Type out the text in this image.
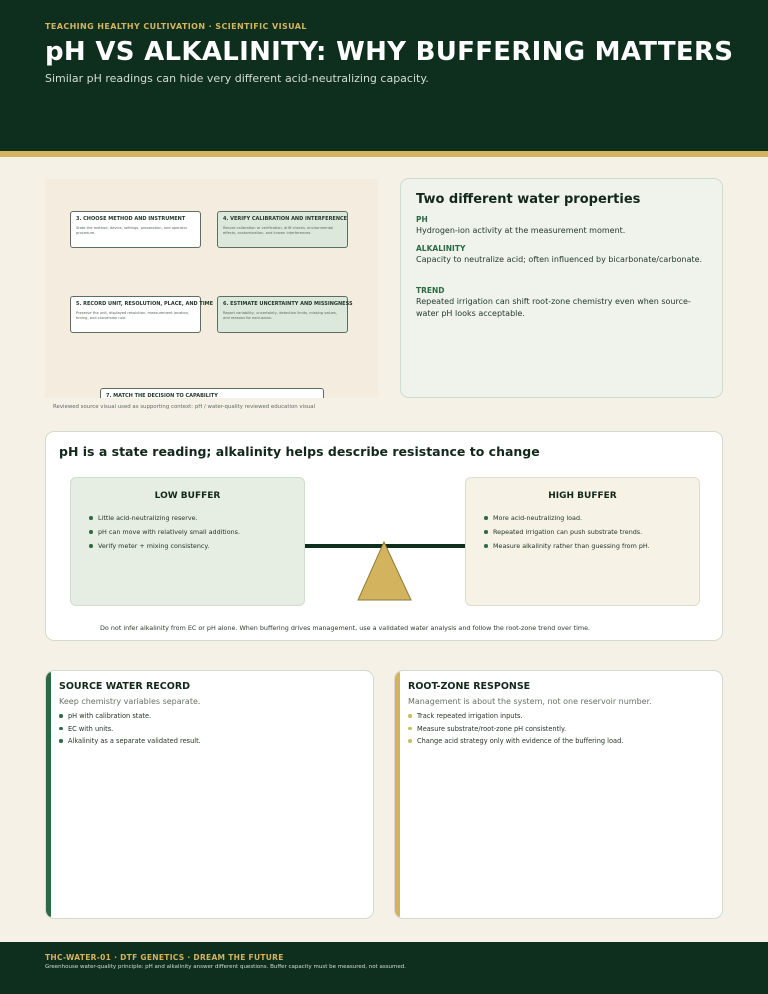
TEACHING HEALTHY CULTIVATION · SCIENTIFIC VISUAL
pH VS ALKALINITY: WHY BUFFERING MATTERS
Similar pH readings can hide very different acid-neutralizing capacity.
3. CHOOSE METHOD AND INSTRUMENT
State the method, device, settings, preparation, and operator procedure.
4. VERIFY CALIBRATION AND INTERFERENCE
Record calibration or verification, drift checks, environmental effects, contamination, and known interferences.
5. RECORD UNIT, RESOLUTION, PLACE, AND TIME
Preserve the unit, displayed resolution, measurement location, timing, and conversion rule.
6. ESTIMATE UNCERTAINTY AND MISSINGNESS
Report variability, uncertainty, detection limits, missing values, and reasons for exclusions.
7. MATCH THE DECISION TO CAPABILITY
Reviewed source visual used as supporting context: pH / water-quality reviewed education visual
Two different water properties
PH
Hydrogen-ion activity at the measurement moment.
ALKALINITY
Capacity to neutralize acid; often influenced by bicarbonate/carbonate.
TREND
Repeated irrigation can shift root-zone chemistry even when source-water pH looks acceptable.
pH is a state reading; alkalinity helps describe resistance to change
LOW BUFFER
Little acid-neutralizing reserve.
pH can move with relatively small additions.
Verify meter + mixing consistency.
HIGH BUFFER
More acid-neutralizing load.
Repeated irrigation can push substrate trends.
Measure alkalinity rather than guessing from pH.
Do not infer alkalinity from EC or pH alone. When buffering drives management, use a validated water analysis and follow the root-zone trend over time.
SOURCE WATER RECORD
Keep chemistry variables separate.
pH with calibration state.
EC with units.
Alkalinity as a separate validated result.
ROOT-ZONE RESPONSE
Management is about the system, not one reservoir number.
Track repeated irrigation inputs.
Measure substrate/root-zone pH consistently.
Change acid strategy only with evidence of the buffering load.
THC-WATER-01 · DTF GENETICS · DREAM THE FUTURE
Greenhouse water-quality principle: pH and alkalinity answer different questions. Buffer capacity must be measured, not assumed.
